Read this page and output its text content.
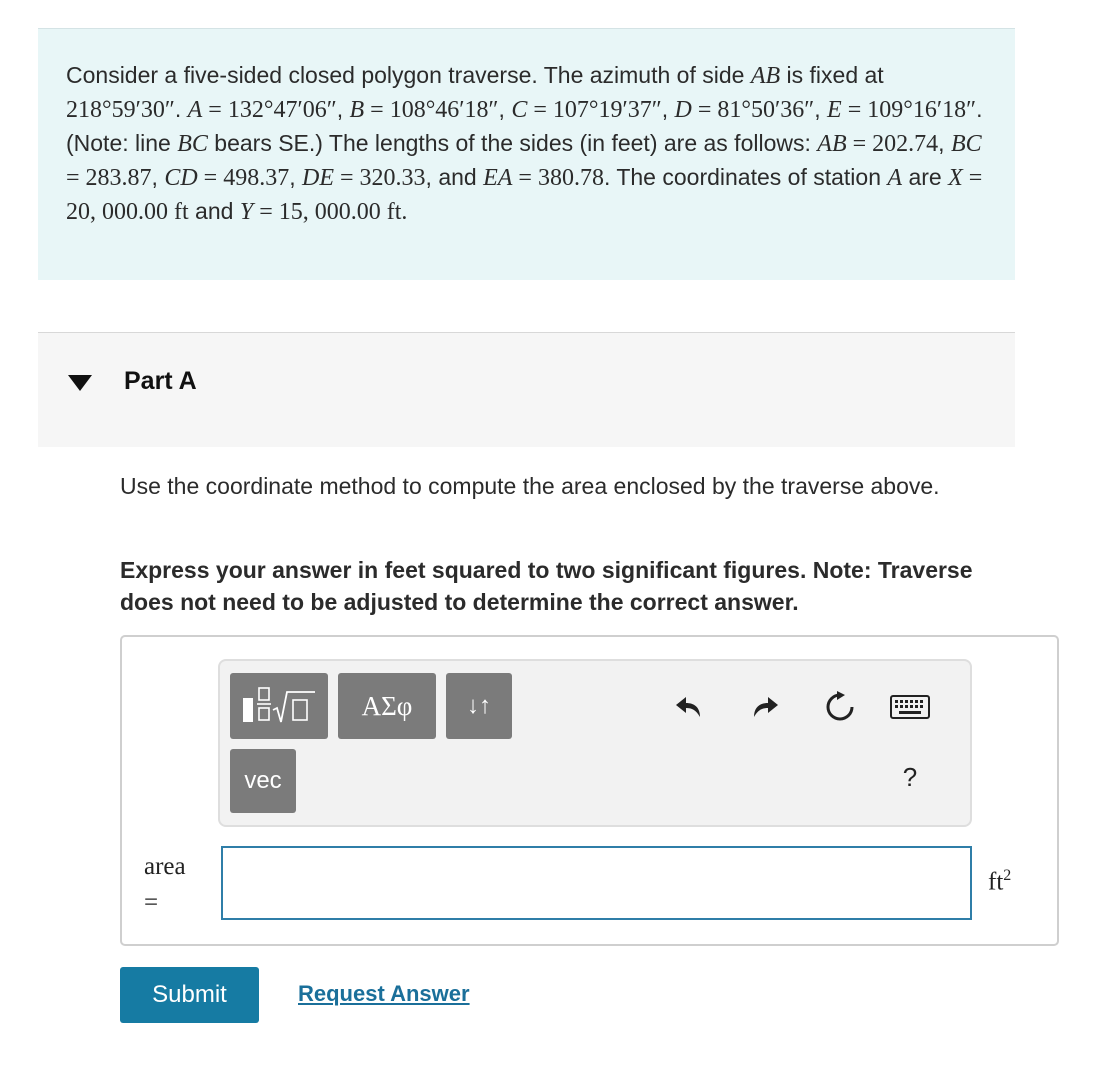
Consider a five-sided closed polygon traverse. The azimuth of side AB is fixed at 218°59′30″. A = 132°47′06″, B = 108°46′18″, C = 107°19′37″, D = 81°50′36″, E = 109°16′18″. (Note: line BC bears SE.) The lengths of the sides (in feet) are as follows: AB = 202.74, BC = 283.87, CD = 498.37, DE = 320.33, and EA = 380.78. The coordinates of station A are X = 20, 000.00 ft and Y = 15, 000.00 ft.

Part A

Use the coordinate method to compute the area enclosed by the traverse above.

Express your answer in feet squared to two significant figures. Note: Traverse does not need to be adjusted to determine the correct answer.

ΑΣφ	↓↑
vec	?
area
=
$ft^2$
Submit	Request Answer
